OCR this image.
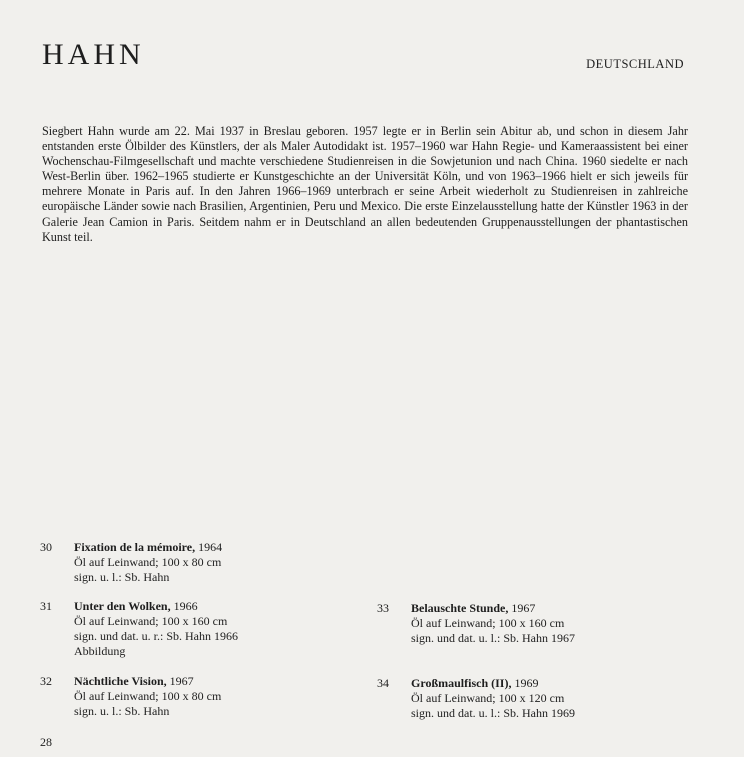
HAHN	DEUTSCHLAND

Siegbert Hahn wurde am 22. Mai 1937 in Breslau geboren. 1957 legte er in Berlin sein Abitur ab, und schon in diesem Jahr entstanden erste Ölbilder des Künstlers, der als Maler Autodidakt ist. 1957–1960 war Hahn Regie- und Kameraassistent bei einer Wochenschau-Filmgesellschaft und machte verschiedene Studienreisen in die Sowjetunion und nach China. 1960 siedelte er nach West-Berlin über. 1962–1965 studierte er Kunstgeschichte an der Universität Köln, und von 1963–1966 hielt er sich jeweils für mehrere Monate in Paris auf. In den Jahren 1966–1969 unterbrach er seine Arbeit wiederholt zu Studienreisen in zahlreiche europäische Länder sowie nach Brasilien, Argentinien, Peru und Mexico. Die erste Einzelausstellung hatte der Künstler 1963 in der Galerie Jean Camion in Paris. Seitdem nahm er in Deutschland an allen bedeutenden Gruppenausstellungen der phantastischen Kunst teil.

30 Fixation de la mémoire, 1964
Öl auf Leinwand; 100 x 80 cm
sign. u. l.: Sb. Hahn
31 Unter den Wolken, 1966
Öl auf Leinwand; 100 x 160 cm
sign. und dat. u. r.: Sb. Hahn 1966
Abbildung
32 Nächtliche Vision, 1967
Öl auf Leinwand; 100 x 80 cm
sign. u. l.: Sb. Hahn
33 Belauschte Stunde, 1967
Öl auf Leinwand; 100 x 160 cm
sign. und dat. u. l.: Sb. Hahn 1967
34 Großmaulfisch (II), 1969
Öl auf Leinwand; 100 x 120 cm
sign. und dat. u. l.: Sb. Hahn 1969
28
